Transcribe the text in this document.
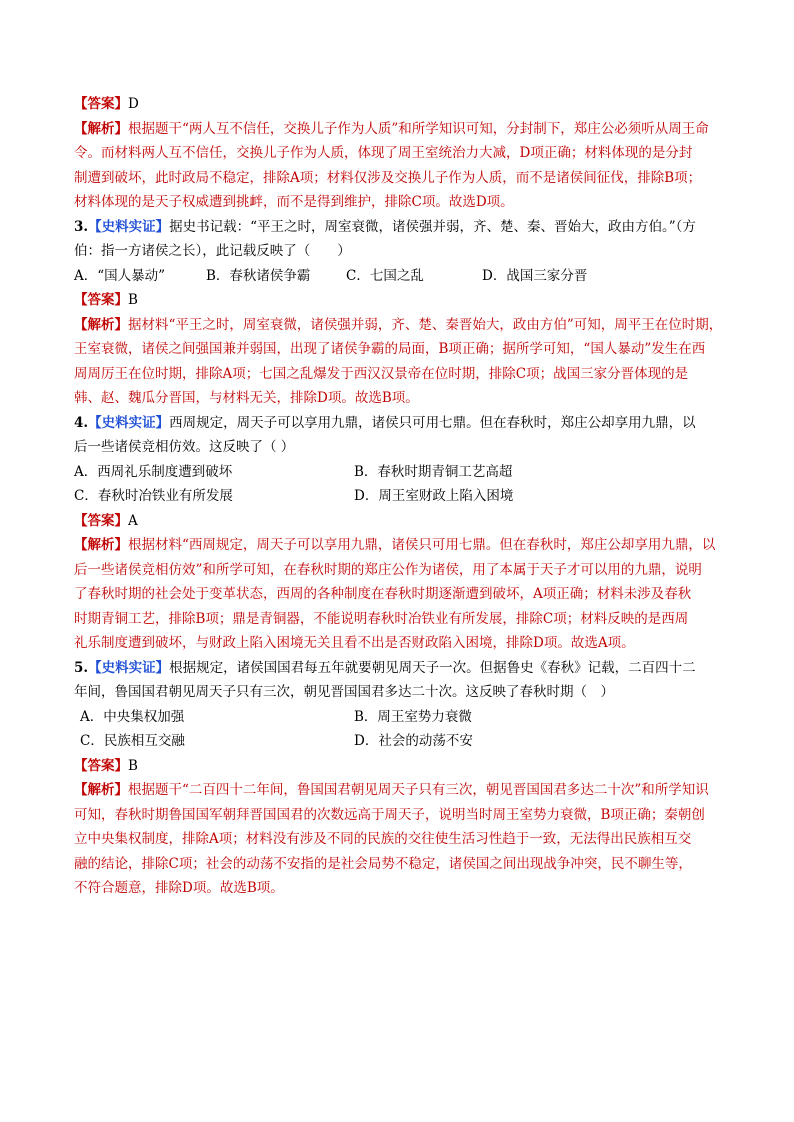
【答案】D
【解析】根据题干“两人互不信任，交换儿子作为人质”和所学知识可知，分封制下，郑庄公必须听从周王命
令。而材料两人互不信任，交换儿子作为人质，体现了周王室统治力大减，D项正确；材料体现的是分封
制遭到破坏，此时政局不稳定，排除A项；材料仅涉及交换儿子作为人质，而不是诸侯间征伐，排除B项；
材料体现的是天子权威遭到挑衅，而不是得到维护，排除C项。故选D项。
3.【史料实证】据史书记载：“平王之时，周室衰微，诸侯强并弱，齐、楚、秦、晋始大，政由方伯。”（方
伯：指一方诸侯之长），此记载反映了（　　）
A．“国人暴动”	B．春秋诸侯争霸	C．七国之乱	D．战国三家分晋
【答案】B
【解析】据材料“平王之时，周室衰微，诸侯强并弱，齐、楚、秦晋始大，政由方伯”可知，周平王在位时期，
王室衰微，诸侯之间强国兼并弱国，出现了诸侯争霸的局面，B项正确；据所学可知，“国人暴动”发生在西
周周厉王在位时期，排除A项；七国之乱爆发于西汉汉景帝在位时期，排除C项；战国三家分晋体现的是
韩、赵、魏瓜分晋国，与材料无关，排除D项。故选B项。
4.【史料实证】西周规定，周天子可以享用九鼎，诸侯只可用七鼎。但在春秋时，郑庄公却享用九鼎，以
后一些诸侯竞相仿效。这反映了（ ）
A．西周礼乐制度遭到破坏	B．春秋时期青铜工艺高超
C．春秋时冶铁业有所发展	D．周王室财政上陷入困境
【答案】A
【解析】根据材料“西周规定，周天子可以享用九鼎，诸侯只可用七鼎。但在春秋时，郑庄公却享用九鼎，以
后一些诸侯竞相仿效”和所学可知，在春秋时期的郑庄公作为诸侯，用了本属于天子才可以用的九鼎，说明
了春秋时期的社会处于变革状态，西周的各种制度在春秋时期逐渐遭到破坏，A项正确；材料未涉及春秋
时期青铜工艺，排除B项；鼎是青铜器，不能说明春秋时冶铁业有所发展，排除C项；材料反映的是西周
礼乐制度遭到破坏，与财政上陷入困境无关且看不出是否财政陷入困境，排除D项。故选A项。
5.【史料实证】根据规定，诸侯国国君每五年就要朝见周天子一次。但据鲁史《春秋》记载，二百四十二
年间，鲁国国君朝见周天子只有三次，朝见晋国国君多达二十次。这反映了春秋时期（　）
A．中央集权加强	B．周王室势力衰微
C．民族相互交融	D．社会的动荡不安
【答案】B
【解析】根据题干“二百四十二年间，鲁国国君朝见周天子只有三次，朝见晋国国君多达二十次”和所学知识
可知，春秋时期鲁国国军朝拜晋国国君的次数远高于周天子，说明当时周王室势力衰微，B项正确；秦朝创
立中央集权制度，排除A项；材料没有涉及不同的民族的交往使生活习性趋于一致，无法得出民族相互交
融的结论，排除C项；社会的动荡不安指的是社会局势不稳定，诸侯国之间出现战争冲突，民不聊生等，
不符合题意，排除D项。故选B项。
